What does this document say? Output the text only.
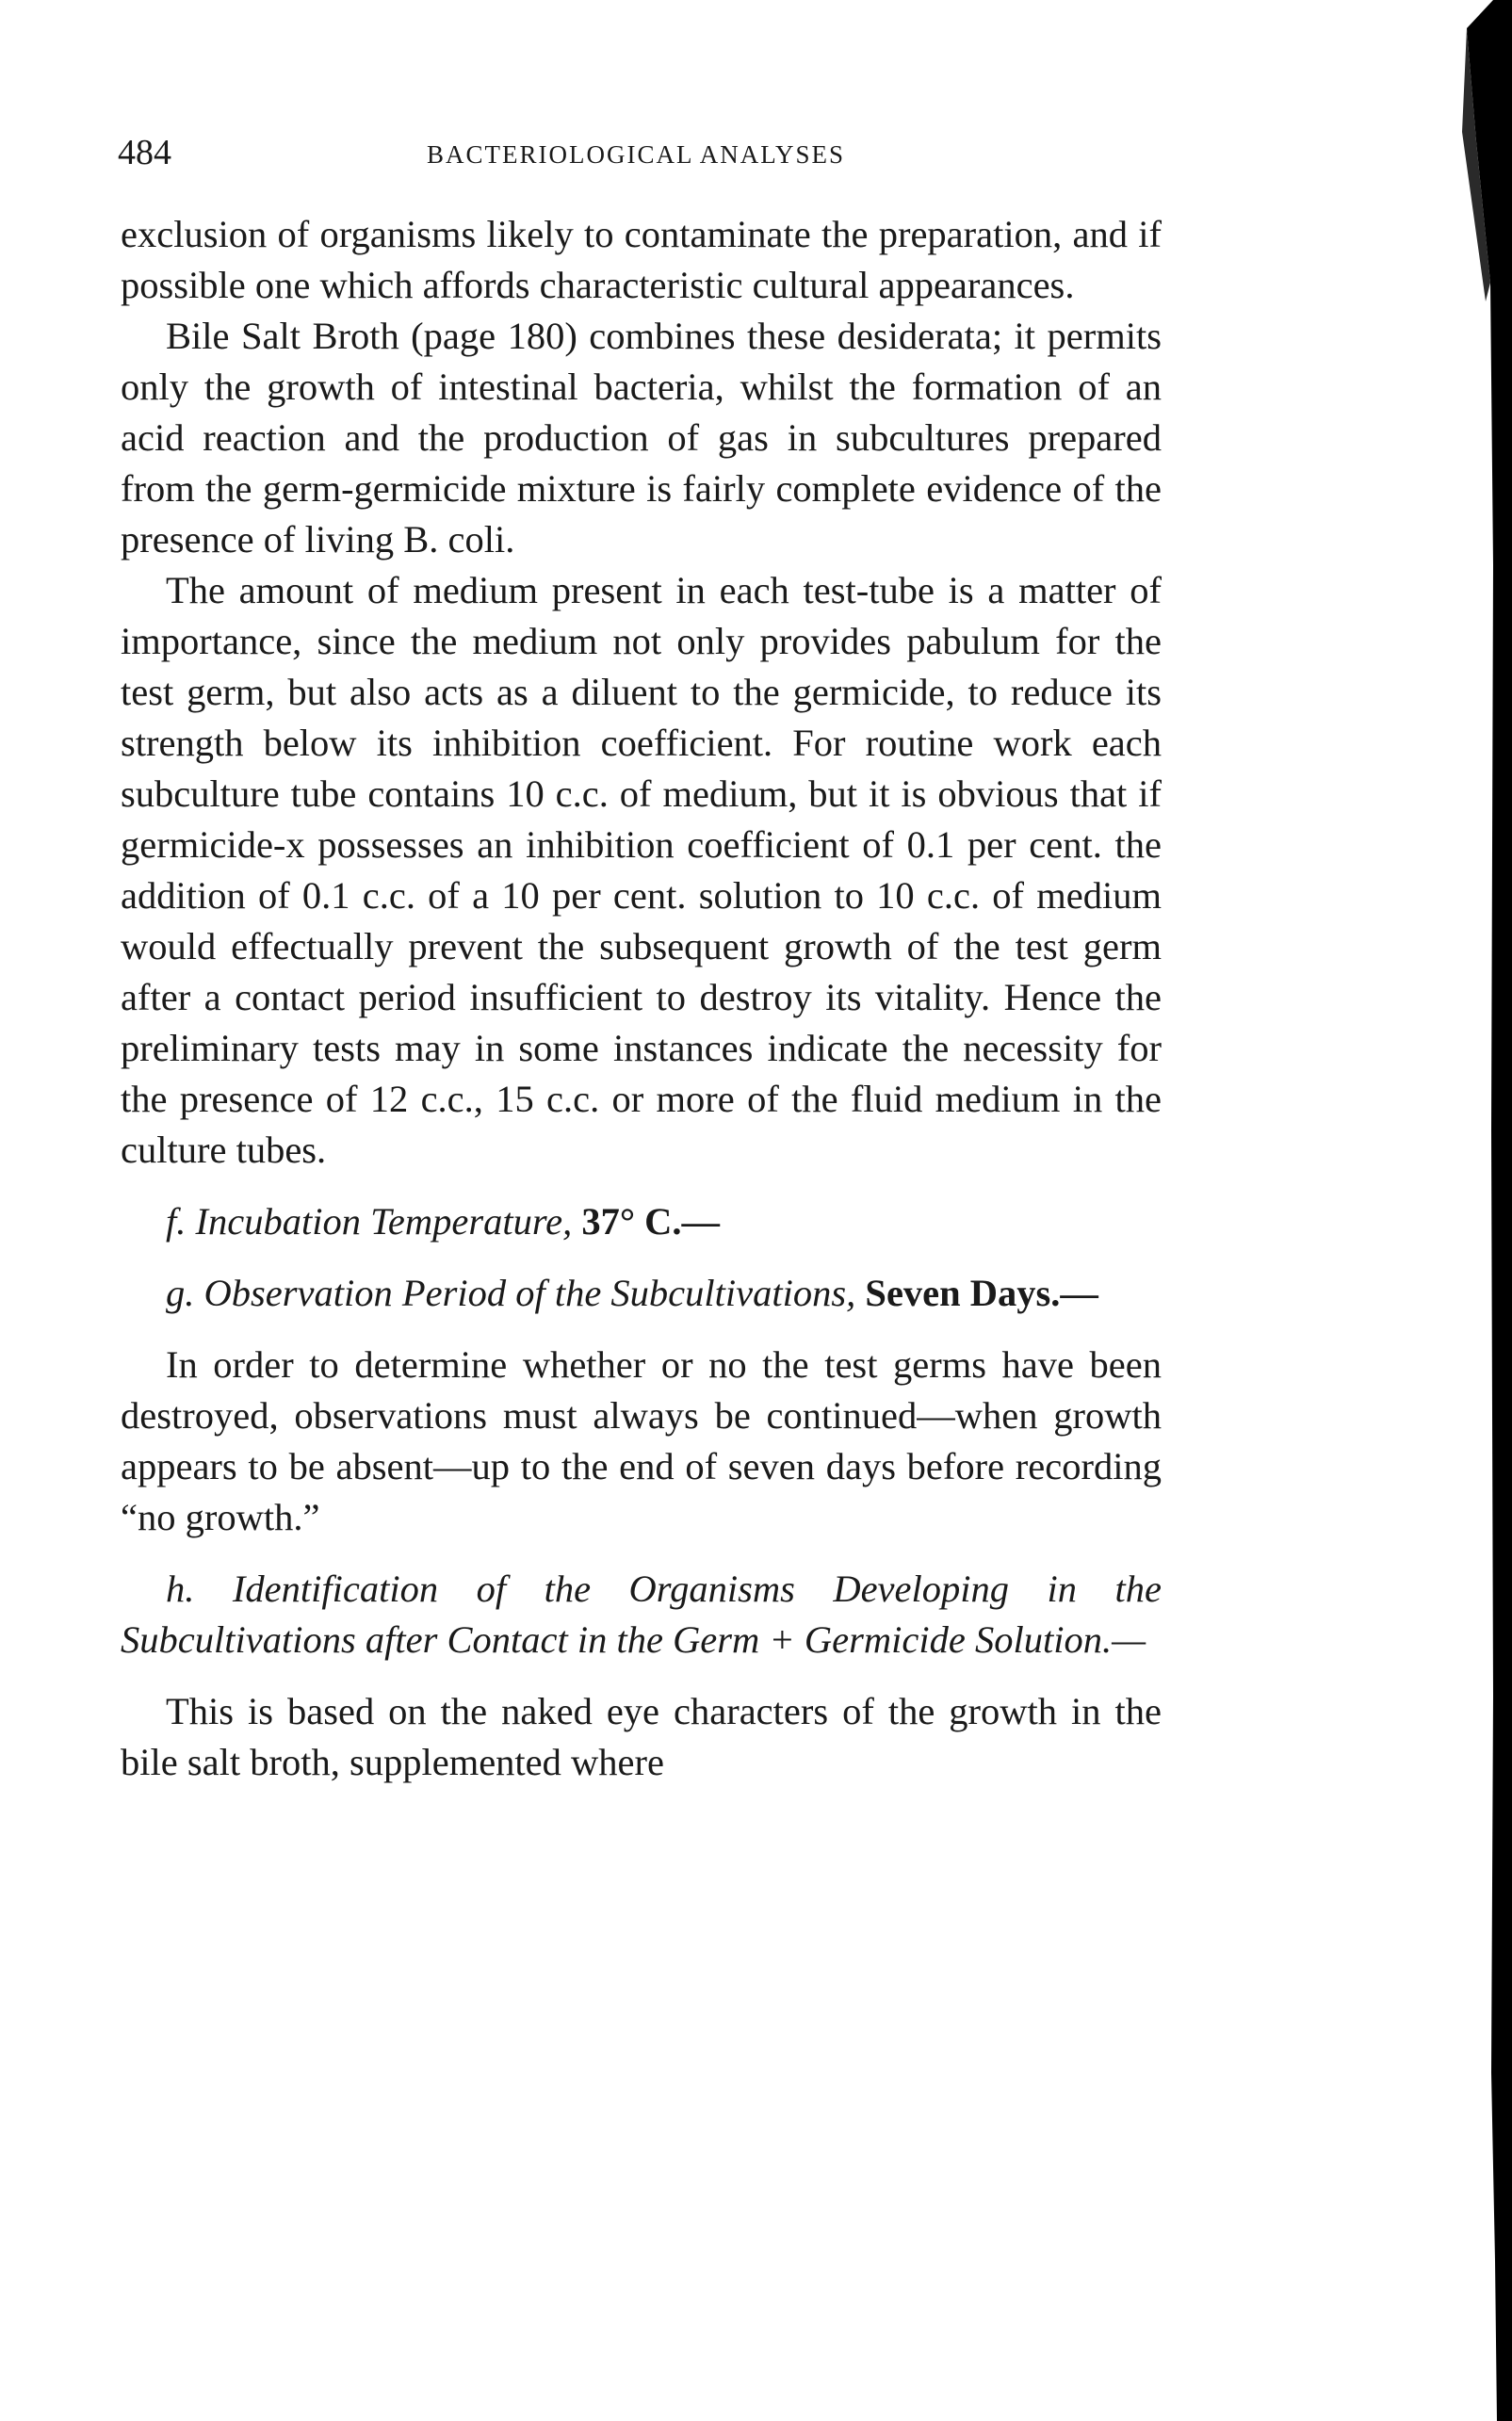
484	BACTERIOLOGICAL ANALYSES

exclusion of organisms likely to contaminate the preparation, and if possible one which affords characteristic cultural appearances.

Bile Salt Broth (page 180) combines these desiderata; it permits only the growth of intestinal bacteria, whilst the formation of an acid reaction and the production of gas in subcultures prepared from the germ-germicide mixture is fairly complete evidence of the presence of living B. coli.

The amount of medium present in each test-tube is a matter of importance, since the medium not only provides pabulum for the test germ, but also acts as a diluent to the germicide, to reduce its strength below its inhibition coefficient. For routine work each subculture tube contains 10 c.c. of medium, but it is obvious that if germicide-x possesses an inhibition coefficient of 0.1 per cent. the addition of 0.1 c.c. of a 10 per cent. solution to 10 c.c. of medium would effectually prevent the subsequent growth of the test germ after a contact period insufficient to destroy its vitality. Hence the preliminary tests may in some instances indicate the necessity for the presence of 12 c.c., 15 c.c. or more of the fluid medium in the culture tubes.

f. Incubation Temperature, 37° C.—

g. Observation Period of the Subcultivations, Seven Days.—

In order to determine whether or no the test germs have been destroyed, observations must always be continued—when growth appears to be absent—up to the end of seven days before recording “no growth.”

h. Identification of the Organisms Developing in the Subcultivations after Contact in the Germ + Germicide Solution.—

This is based on the naked eye characters of the growth in the bile salt broth, supplemented where
